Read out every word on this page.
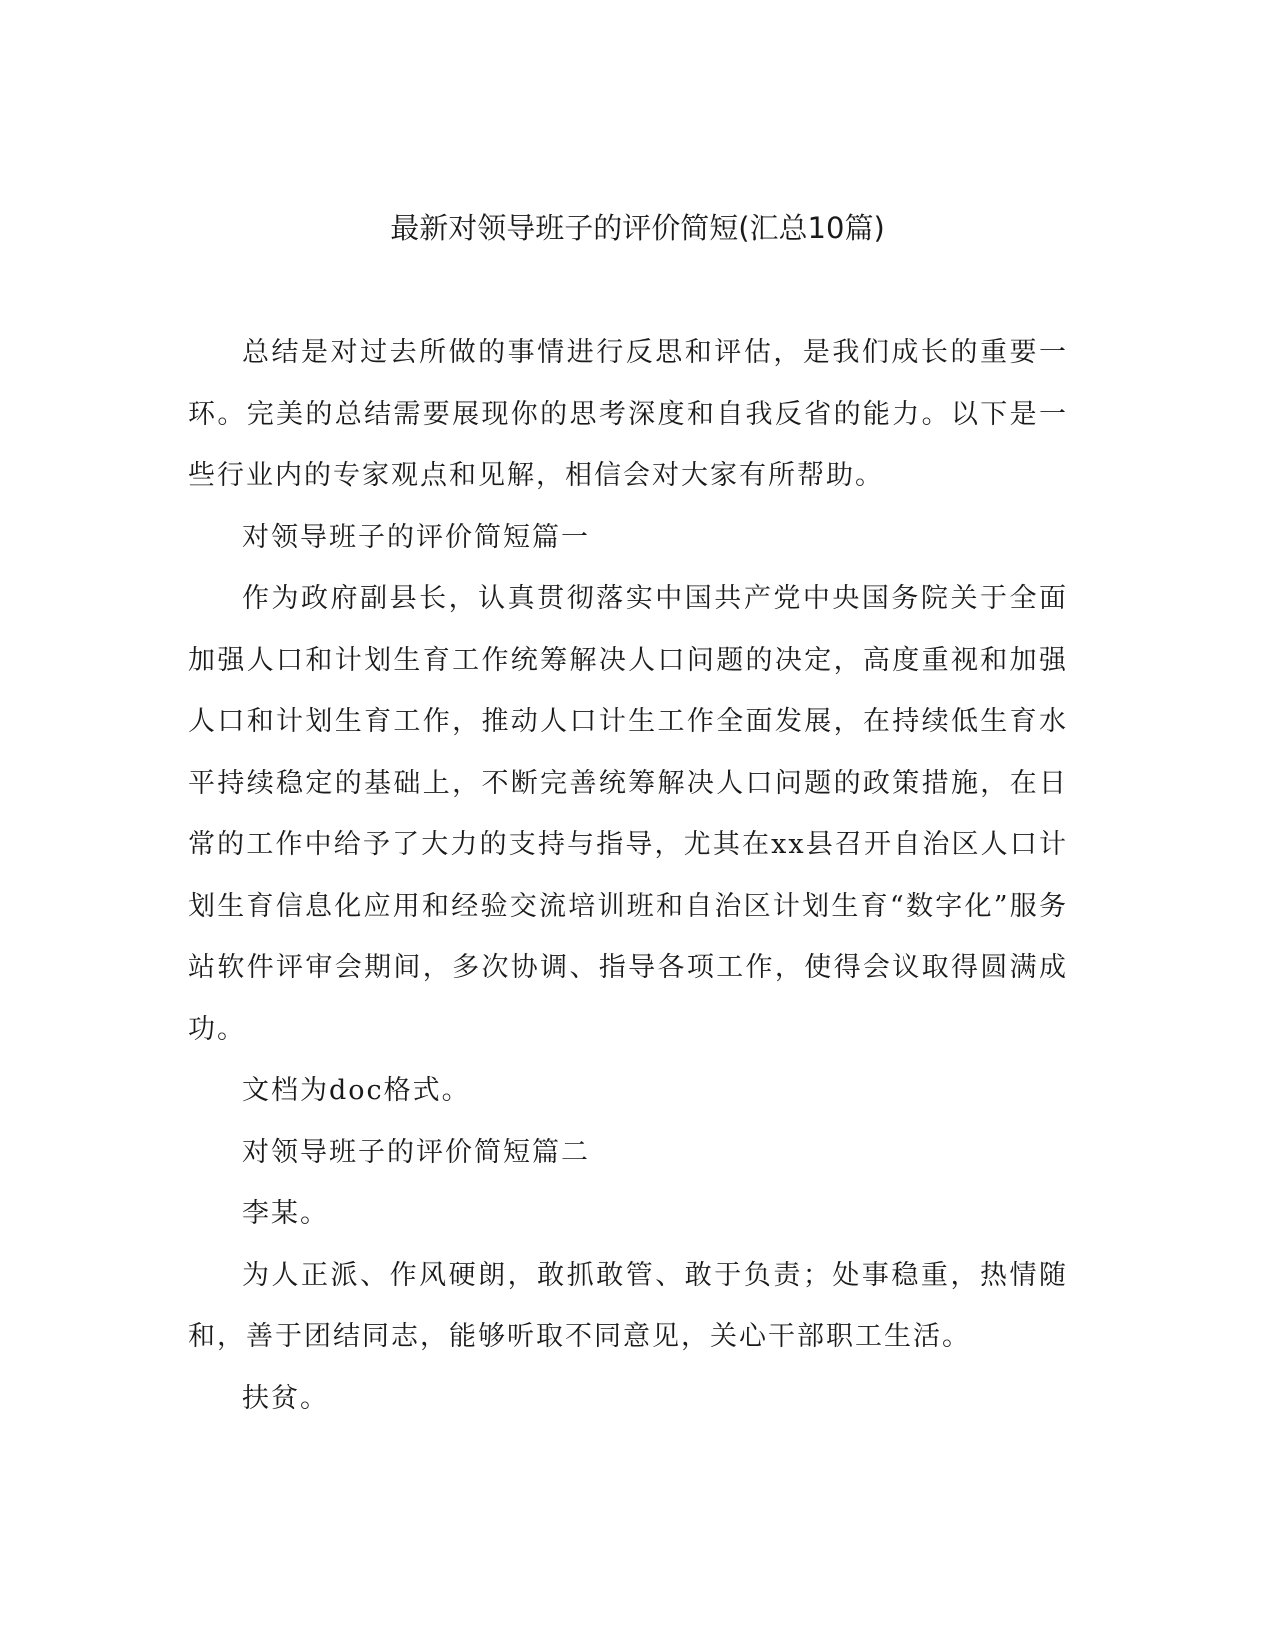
最新对领导班子的评价简短(汇总10篇)

总结是对过去所做的事情进行反思和评估，是我们成长的重要一环。完美的总结需要展现你的思考深度和自我反省的能力。以下是一些行业内的专家观点和见解，相信会对大家有所帮助。

对领导班子的评价简短篇一

作为政府副县长，认真贯彻落实中国共产党中央国务院关于全面加强人口和计划生育工作统筹解决人口问题的决定，高度重视和加强人口和计划生育工作，推动人口计生工作全面发展，在持续低生育水平持续稳定的基础上，不断完善统筹解决人口问题的政策措施，在日常的工作中给予了大力的支持与指导，尤其在xx县召开自治区人口计划生育信息化应用和经验交流培训班和自治区计划生育“数字化”服务站软件评审会期间，多次协调、指导各项工作，使得会议取得圆满成功。

文档为doc格式。

对领导班子的评价简短篇二

李某。

为人正派、作风硬朗，敢抓敢管、敢于负责；处事稳重，热情随和，善于团结同志，能够听取不同意见，关心干部职工生活。

扶贫。
